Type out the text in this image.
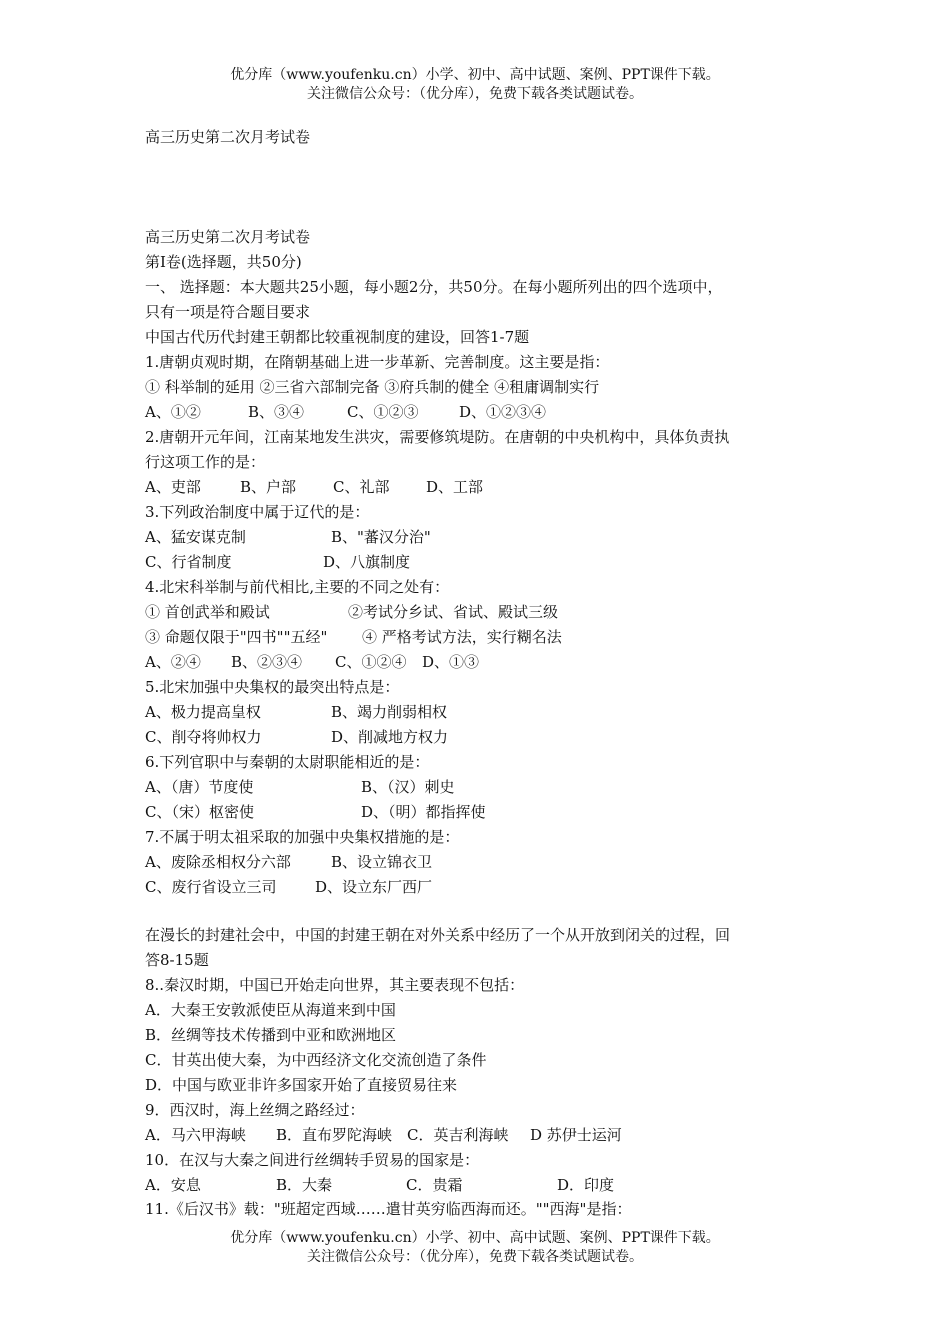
优分库（www.youfenku.cn）小学、初中、高中试题、案例、PPT课件下载。
关注微信公众号：（优分库），免费下载各类试题试卷。
高三历史第二次月考试卷
高三历史第二次月考试卷
第Ⅰ卷(选择题，共50分)
一、 选择题：本大题共25小题，每小题2分，共50分。在每小题所列出的四个选项中，
只有一项是符合题目要求
中国古代历代封建王朝都比较重视制度的建设，回答1-7题
1.唐朝贞观时期，在隋朝基础上进一步革新、完善制度。这主要是指：
① 科举制的延用 ②三省六部制完备 ③府兵制的健全 ④租庸调制实行
A、①②	B、③④	C、①②③	D、①②③④
2.唐朝开元年间，江南某地发生洪灾，需要修筑堤防。在唐朝的中央机构中，具体负责执
行这项工作的是：
A、吏部	B、户部 C、礼部 D、工部
3.下列政治制度中属于辽代的是：
A、猛安谋克制	B、"蕃汉分治"
C、行省制度	D、八旗制度
4.北宋科举制与前代相比,主要的不同之处有：
① 首创武举和殿试	②考试分乡试、省试、殿试三级
③ 命题仅限于"四书""五经" ④ 严格考试方法，实行糊名法
A、②④ B、②③④ C、①②④ D、①③
5.北宋加强中央集权的最突出特点是：
A、极力提高皇权	B、竭力削弱相权
C、削夺将帅权力	D、削减地方权力
6.下列官职中与秦朝的太尉职能相近的是：
A、（唐）节度使	B、（汉）刺史
C、（宋）枢密使	D、（明）都指挥使
7.不属于明太祖采取的加强中央集权措施的是：
A、废除丞相权分六部	B、设立锦衣卫
C、废行省设立三司	D、设立东厂西厂
在漫长的封建社会中，中国的封建王朝在对外关系中经历了一个从开放到闭关的过程，回
答8-15题
8..秦汉时期，中国已开始走向世界，其主要表现不包括：
A．大秦王安敦派使臣从海道来到中国
B．丝绸等技术传播到中亚和欧洲地区
C．甘英出使大秦，为中西经济文化交流创造了条件
D．中国与欧亚非许多国家开始了直接贸易往来
9．西汉时，海上丝绸之路经过：
A．马六甲海峡 B．直布罗陀海峡 C．英吉利海峡 D 苏伊士运河
10．在汉与大秦之间进行丝绸转手贸易的国家是：
A．安息	B．大秦	C．贵霜	D．印度
11.《后汉书》载："班超定西域……遣甘英穷临西海而还。""西海"是指：
优分库（www.youfenku.cn）小学、初中、高中试题、案例、PPT课件下载。
关注微信公众号：（优分库），免费下载各类试题试卷。
